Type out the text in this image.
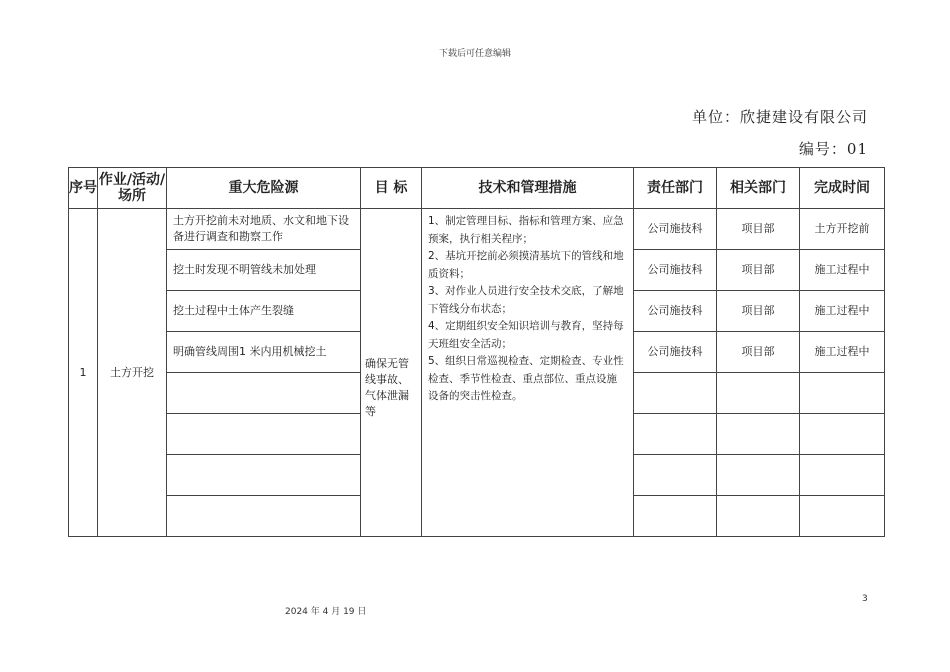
下载后可任意编辑
单位：欣捷建设有限公司
编号：01
序号	作业/活动/场所	重大危险源	目 标	技术和管理措施	责任部门	相关部门	完成时间
1	土方开挖	土方开挖前未对地质、水文和地下设备进行调查和勘察工作	确保无管线事故、气体泄漏等	1、制定管理目标、指标和管理方案、应急预案，执行相关程序；
2、基坑开挖前必须摸清基坑下的管线和地质资料；
3、对作业人员进行安全技术交底，了解地下管线分布状态；
4、定期组织安全知识培训与教育，坚持每天班组安全活动；
5、组织日常巡视检查、定期检查、专业性检查、季节性检查、重点部位、重点设施设备的突击性检查。	公司施技科	项目部	土方开挖前
		挖土时发现不明管线未加处理			公司施技科	项目部	施工过程中
		挖土过程中土体产生裂缝			公司施技科	项目部	施工过程中
		明确管线周围1 米内用机械挖土			公司施技科	项目部	施工过程中

3
2024 年 4 月 19 日
